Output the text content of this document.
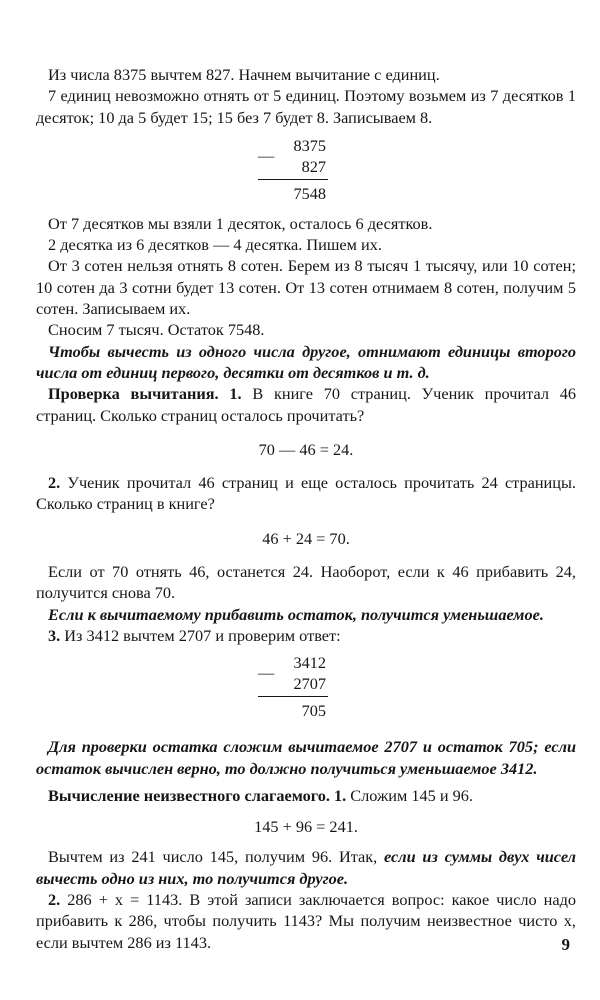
Из числа 8375 вычтем 827. Начнем вычитание с единиц.

7 единиц невозможно отнять от 5 единиц. Поэтому возьмем из 7 десятков 1 десяток; 10 да 5 будет 15; 15 без 7 будет 8. Записываем 8.

—
8375
827
7548

От 7 десятков мы взяли 1 десяток, осталось 6 десятков.

2 десятка из 6 десятков — 4 десятка. Пишем их.

От 3 сотен нельзя отнять 8 сотен. Берем из 8 тысяч 1 тысячу, или 10 сотен; 10 сотен да 3 сотни будет 13 сотен. От 13 сотен отнимаем 8 сотен, получим 5 сотен. Записываем их.

Сносим 7 тысяч. Остаток 7548.

Чтобы вычесть из одного числа другое, отнимают единицы второго числа от единиц первого, десятки от десятков и т. д.

Проверка вычитания. 1. В книге 70 страниц. Ученик прочитал 46 страниц. Сколько страниц осталось прочитать?

70 — 46 = 24.

2. Ученик прочитал 46 страниц и еще осталось прочитать 24 страницы. Сколько страниц в книге?

46 + 24 = 70.

Если от 70 отнять 46, останется 24. Наоборот, если к 46 прибавить 24, получится снова 70.

Если к вычитаемому прибавить остаток, получится уменьшаемое.

3. Из 3412 вычтем 2707 и проверим ответ:

—
3412
2707
705

Для проверки остатка сложим вычитаемое 2707 и остаток 705; если остаток вычислен верно, то должно получиться уменьшаемое 3412.

Вычисление неизвестного слагаемого. 1. Сложим 145 и 96.

145 + 96 = 241.

Вычтем из 241 число 145, получим 96. Итак, если из суммы двух чисел вычесть одно из них, то получится другое.

2. 286 + x = 1143. В этой записи заключается вопрос: какое число надо прибавить к 286, чтобы получить 1143? Мы получим неизвестное чисто x, если вычтем 286 из 1143.	9
